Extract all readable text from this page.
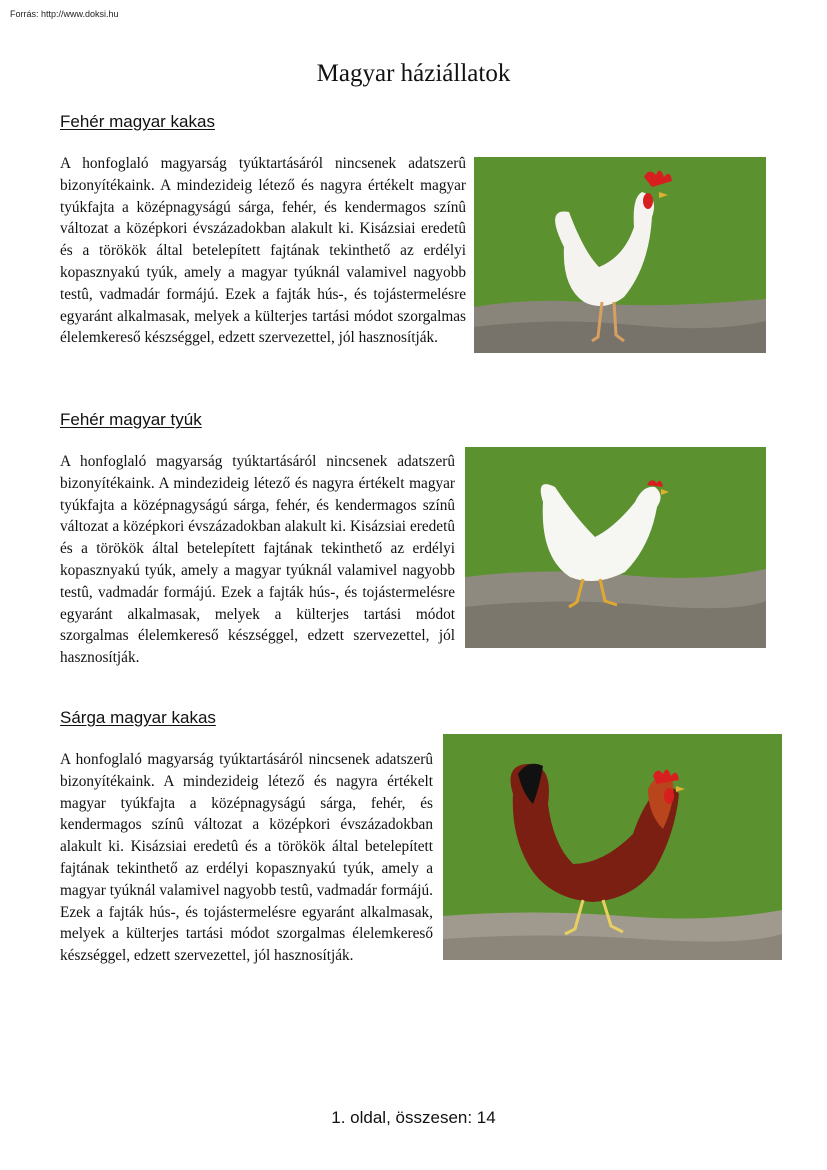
Forrás: http://www.doksi.hu
Magyar háziállatok
Fehér magyar kakas
A honfoglaló magyarság tyúktartásáról nincsenek adatszerû bizonyítékaink. A mindezideig létező és nagyra értékelt magyar tyúkfajta a középnagyságú sárga, fehér, és kendermagos színû változat a középkori évszázadokban alakult ki. Kisázsiai eredetû és a törökök által betelepített fajtának tekinthető az erdélyi kopasznyakú tyúk, amely a magyar tyúknál valamivel nagyobb testû, vadmadár formájú. Ezek a fajták hús-, és tojástermelésre egyaránt alkalmasak, melyek a külterjes tartási módot szorgalmas élelemkereső készséggel, edzett szervezettel, jól hasznosítják.
Fehér magyar tyúk
A honfoglaló magyarság tyúktartásáról nincsenek adatszerû bizonyítékaink. A mindezideig létező és nagyra értékelt magyar tyúkfajta a középnagyságú sárga, fehér, és kendermagos színû változat a középkori évszázadokban alakult ki. Kisázsiai eredetû és a törökök által betelepített fajtának tekinthető az erdélyi kopasznyakú tyúk, amely a magyar tyúknál valamivel nagyobb testû, vadmadár formájú. Ezek a fajták hús-, és tojástermelésre egyaránt alkalmasak, melyek a külterjes tartási módot szorgalmas élelemkereső készséggel, edzett szervezettel, jól hasznosítják.
Sárga magyar kakas
A honfoglaló magyarság tyúktartásáról nincsenek adatszerû bizonyítékaink. A mindezideig létező és nagyra értékelt magyar tyúkfajta a középnagyságú sárga, fehér, és kendermagos színû változat a középkori évszázadokban alakult ki. Kisázsiai eredetû és a törökök által betelepített fajtának tekinthető az erdélyi kopasznyakú tyúk, amely a magyar tyúknál valamivel nagyobb testû, vadmadár formájú. Ezek a fajták hús-, és tojástermelésre egyaránt alkalmasak, melyek a külterjes tartási módot szorgalmas élelemkereső készséggel, edzett szervezettel, jól hasznosítják.
1. oldal, összesen: 14
